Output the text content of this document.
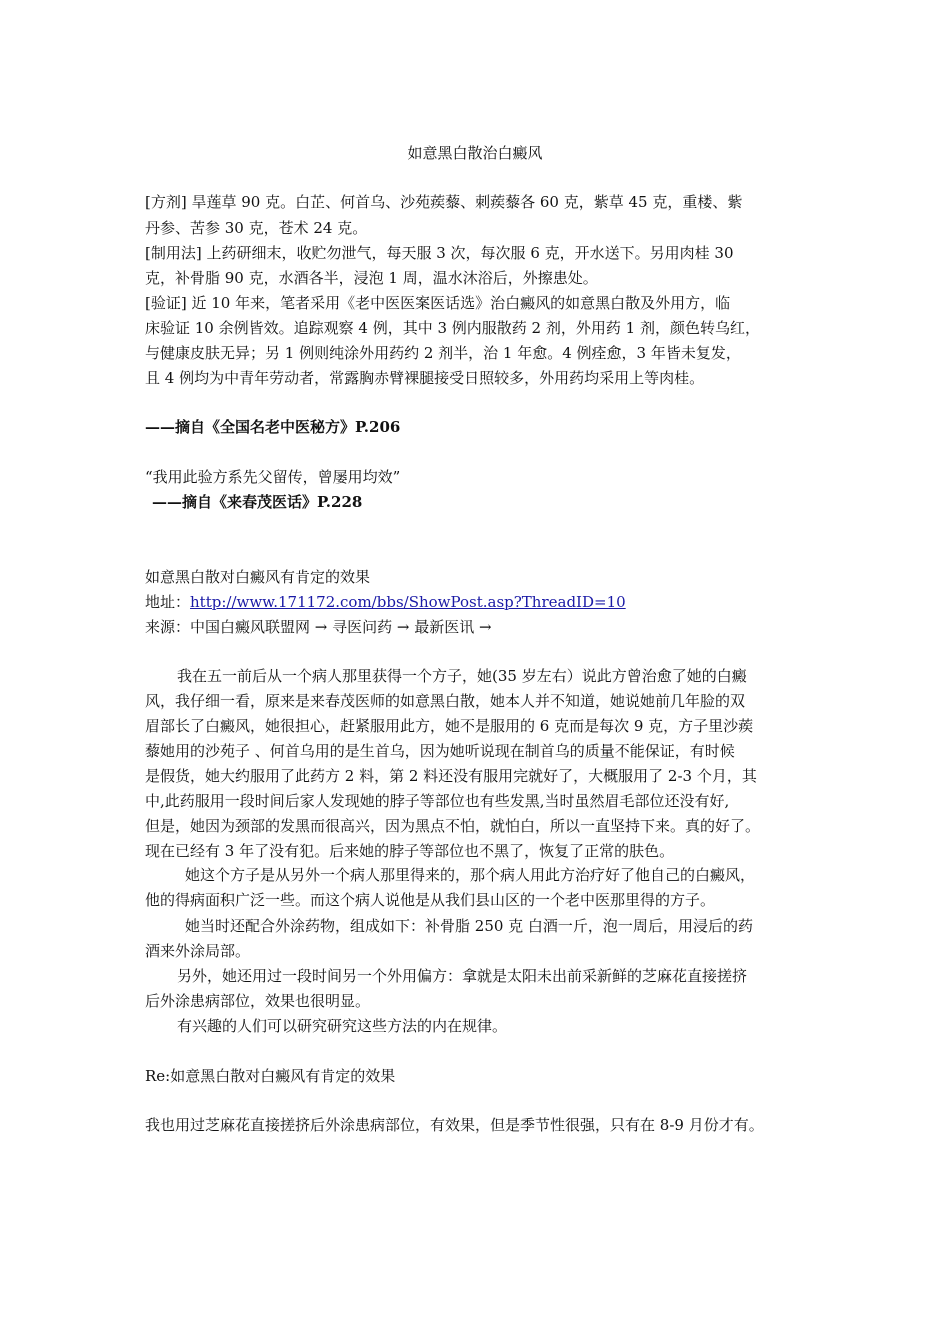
如意黑白散治白癜风
[方剂] 旱莲草 90 克。白芷、何首乌、沙苑蒺藜、刺蒺藜各 60 克，紫草 45 克，重楼、紫
丹参、苦参 30 克，苍术 24 克。
[制用法] 上药研细末，收贮勿泄气，每天服 3 次，每次服 6 克，开水送下。另用肉桂 30
克，补骨脂 90 克，水酒各半，浸泡 1 周，温水沐浴后，外擦患处。
[验证] 近 10 年来，笔者采用《老中医医案医话选》治白癜风的如意黑白散及外用方，临
床验证 10 余例皆效。追踪观察 4 例，其中 3 例内服散药 2 剂，外用药 1 剂，颜色转乌红，
与健康皮肤无异；另 1 例则纯涂外用药约 2 剂半，治 1 年愈。4 例痊愈，3 年皆未复发，
且 4 例均为中青年劳动者，常露胸赤臂裸腿接受日照较多，外用药均采用上等肉桂。
——摘自《全国名老中医秘方》P.206
“我用此验方系先父留传，曾屡用均效”
——摘自《来春茂医话》P.228
如意黑白散对白癜风有肯定的效果
地址：http://www.171172.com/bbs/ShowPost.asp?ThreadID=10
来源：中国白癜风联盟网 → 寻医问药 → 最新医讯 →
我在五一前后从一个病人那里获得一个方子，她(35 岁左右）说此方曾治愈了她的白癜
风，我仔细一看，原来是来春茂医师的如意黑白散，她本人并不知道，她说她前几年脸的双
眉部长了白癜风，她很担心，赶紧服用此方，她不是服用的 6 克而是每次 9 克，方子里沙蒺
藜她用的沙苑子 、何首乌用的是生首乌，因为她听说现在制首乌的质量不能保证，有时候
是假货，她大约服用了此药方 2 料，第 2 料还没有服用完就好了，大概服用了 2-3 个月，其
中,此药服用一段时间后家人发现她的脖子等部位也有些发黑,当时虽然眉毛部位还没有好,
但是，她因为颈部的发黑而很高兴，因为黑点不怕，就怕白，所以一直坚持下来。真的好了。
现在已经有 3 年了没有犯。后来她的脖子等部位也不黑了，恢复了正常的肤色。
她这个方子是从另外一个病人那里得来的，那个病人用此方治疗好了他自己的白癜风，
他的得病面积广泛一些。而这个病人说他是从我们县山区的一个老中医那里得的方子。
她当时还配合外涂药物，组成如下：补骨脂 250 克 白酒一斤，泡一周后，用浸后的药
酒来外涂局部。
另外，她还用过一段时间另一个外用偏方：拿就是太阳未出前采新鲜的芝麻花直接搓挤
后外涂患病部位，效果也很明显。
有兴趣的人们可以研究研究这些方法的内在规律。
Re:如意黑白散对白癜风有肯定的效果
我也用过芝麻花直接搓挤后外涂患病部位，有效果，但是季节性很强，只有在 8-9 月份才有。
